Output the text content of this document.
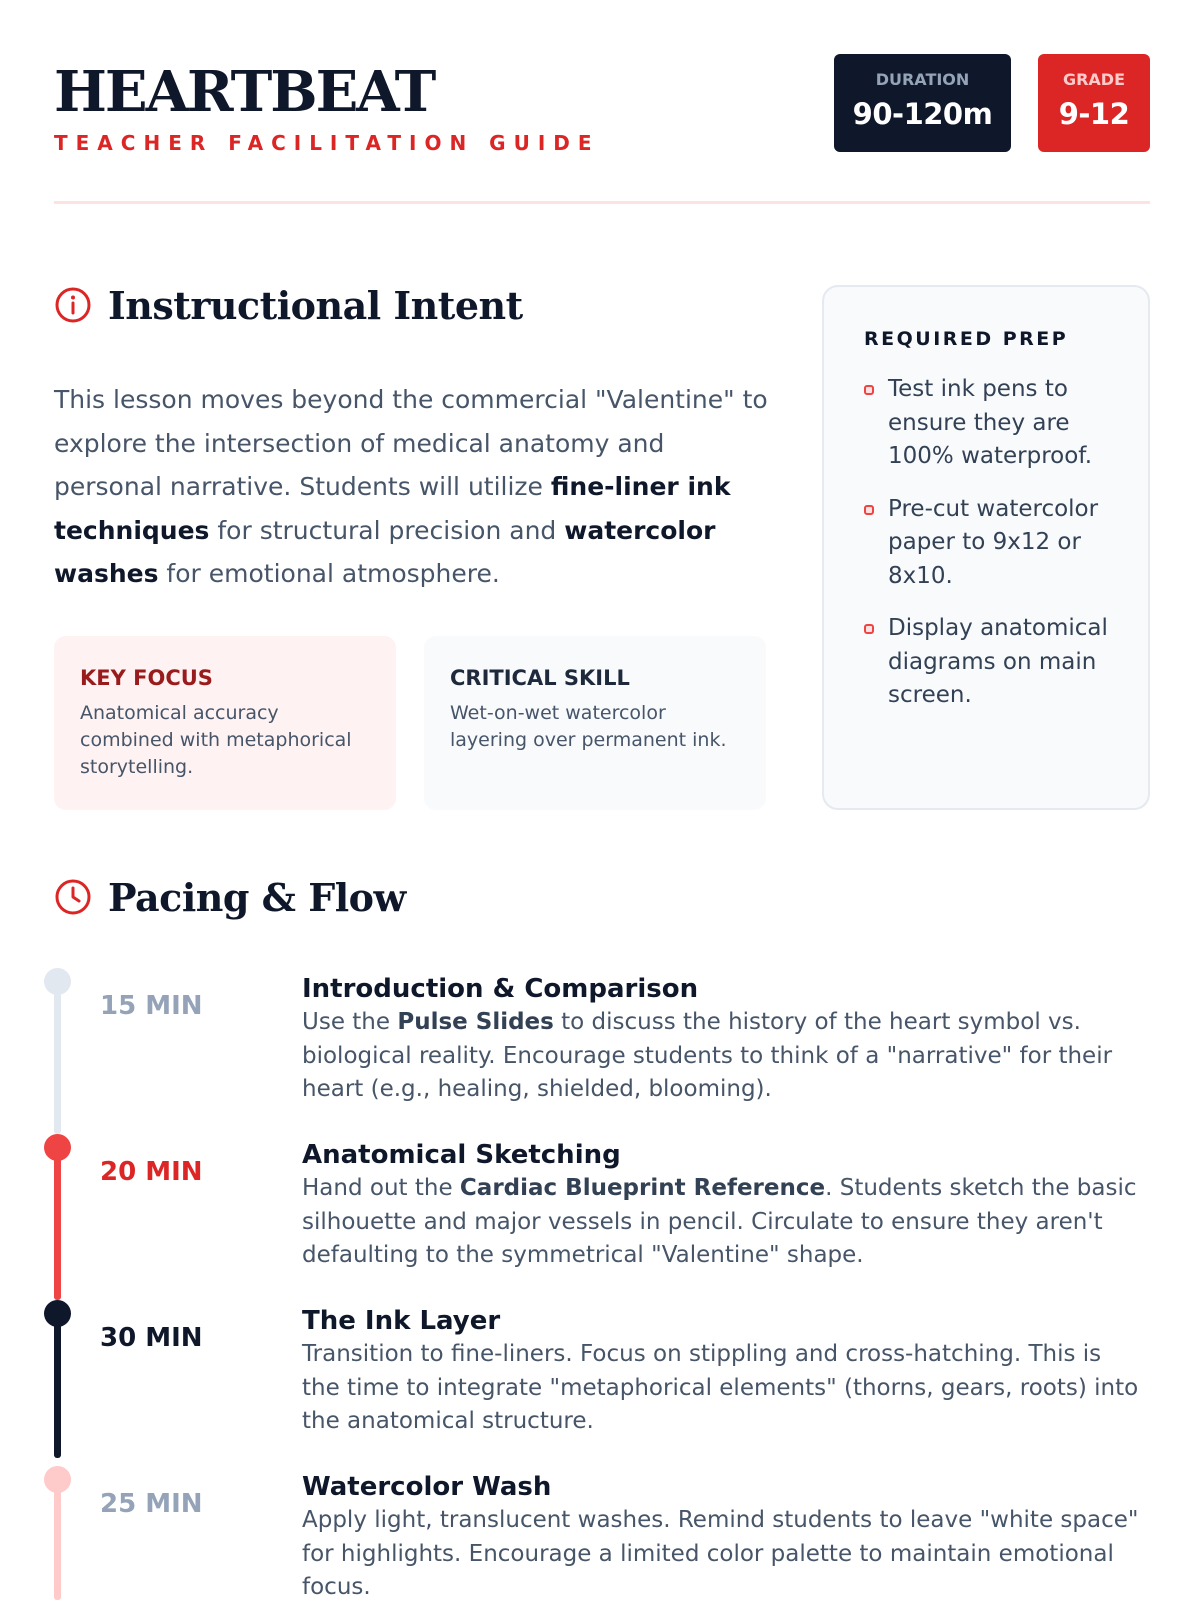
HEARTBEAT
TEACHER FACILITATION GUIDE
DURATION
90-120m
GRADE
9-12
Instructional Intent

This lesson moves beyond the commercial "Valentine" to explore the intersection of medical anatomy and personal narrative. Students will utilize fine-liner ink techniques for structural precision and watercolor washes for emotional atmosphere.

KEY FOCUS
Anatomical accuracy combined with metaphorical storytelling.
CRITICAL SKILL
Wet-on-wet watercolor layering over permanent ink.
REQUIRED PREP
Test ink pens to ensure they are 100% waterproof.
Pre-cut watercolor paper to 9x12 or 8x10.
Display anatomical diagrams on main screen.
Pacing & Flow
15 MIN
Introduction & Comparison
Use the Pulse Slides to discuss the history of the heart symbol vs. biological reality. Encourage students to think of a "narrative" for their heart (e.g., healing, shielded, blooming).
20 MIN
Anatomical Sketching
Hand out the Cardiac Blueprint Reference. Students sketch the basic silhouette and major vessels in pencil. Circulate to ensure they aren't defaulting to the symmetrical "Valentine" shape.
30 MIN
The Ink Layer
Transition to fine-liners. Focus on stippling and cross-hatching. This is the time to integrate "metaphorical elements" (thorns, gears, roots) into the anatomical structure.
25 MIN
Watercolor Wash
Apply light, translucent washes. Remind students to leave "white space" for highlights. Encourage a limited color palette to maintain emotional focus.
